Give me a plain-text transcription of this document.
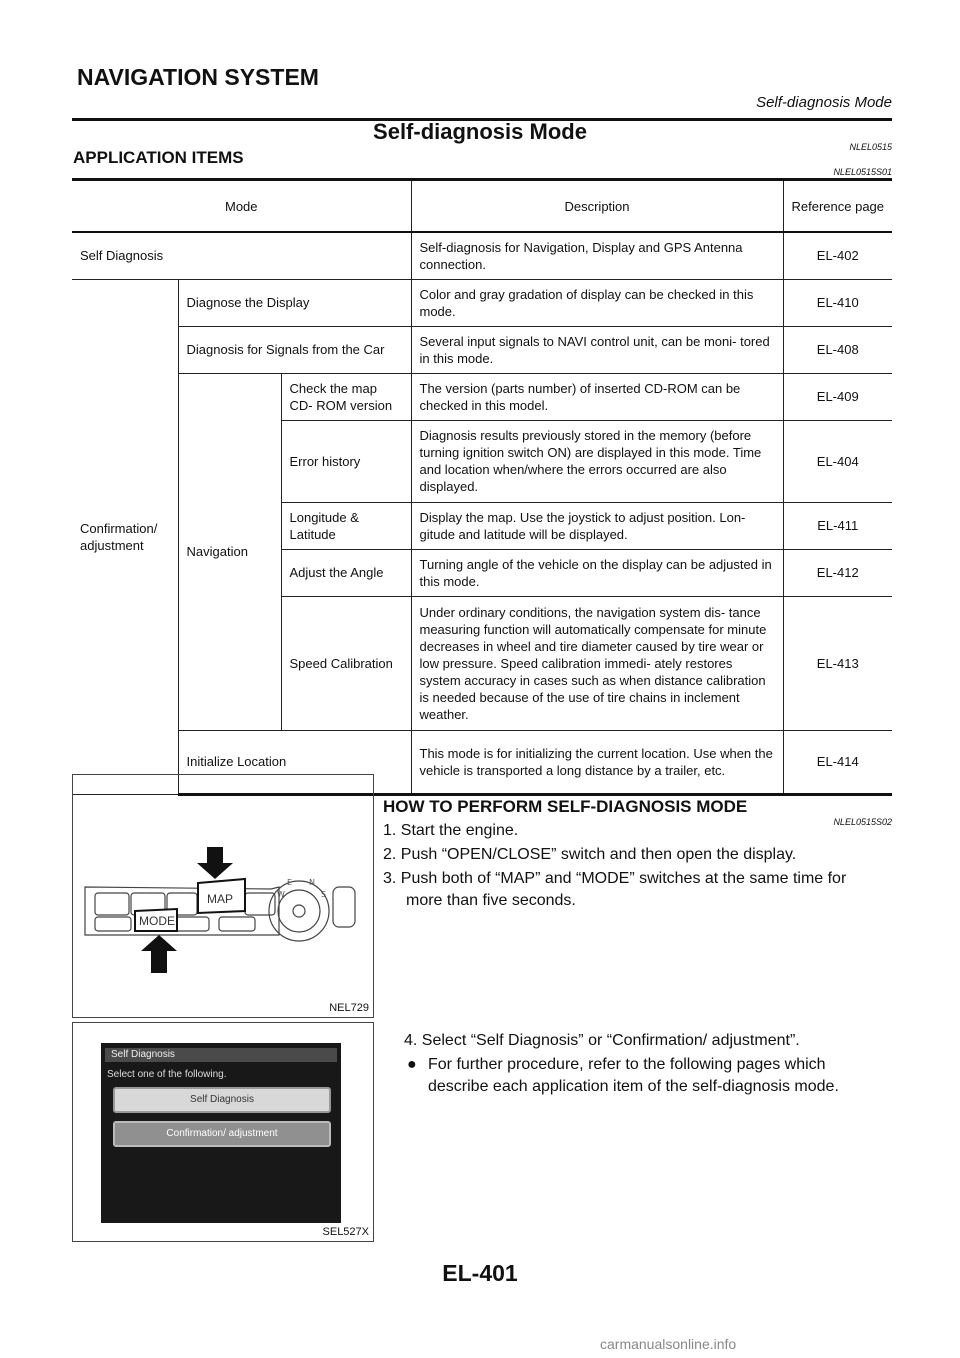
NAVIGATION SYSTEM
Self-diagnosis Mode
Self-diagnosis Mode
NLEL0515
APPLICATION ITEMS
NLEL0515S01
Mode			Description	Reference page
Self Diagnosis			Self-diagnosis for Navigation, Display and GPS Antenna connection.	EL-402
Confirmation/ adjustment	Diagnose the Display		Color and gray gradation of display can be checked in this mode.	EL-410
	Diagnosis for Signals from the Car		Several input signals to NAVI control unit, can be moni- tored in this mode.	EL-408
	Navigation	Check the map CD- ROM version	The version (parts number) of inserted CD-ROM can be checked in this model.	EL-409
		Error history	Diagnosis results previously stored in the memory (before turning ignition switch ON) are displayed in this mode. Time and location when/where the errors occurred are also displayed.	EL-404
		Longitude & Latitude	Display the map. Use the joystick to adjust position. Lon- gitude and latitude will be displayed.	EL-411
		Adjust the Angle	Turning angle of the vehicle on the display can be adjusted in this mode.	EL-412
		Speed Calibration	Under ordinary conditions, the navigation system dis- tance measuring function will automatically compensate for minute decreases in wheel and tire diameter caused by tire wear or low pressure. Speed calibration immedi- ately restores system accuracy in cases such as when distance calibration is needed because of the use of tire chains in inclement weather.	EL-413
	Initialize Location		This mode is for initializing the current location. Use when the vehicle is transported a long distance by a trailer, etc.	EL-414
E N
W	S
MAP
MODE
NEL729
HOW TO PERFORM SELF-DIAGNOSIS MODE
NLEL0515S02
1. Start the engine.
2. Push “OPEN/CLOSE” switch and then open the display.
3. Push both of “MAP” and “MODE” switches at the same time for
more than five seconds.
Self Diagnosis
Select one of the following.
Self Diagnosis
Confirmation/ adjustment
SEL527X
4. Select “Self Diagnosis” or “Confirmation/ adjustment”.
● For further procedure, refer to the following pages which
describe each application item of the self-diagnosis mode.
EL-401
carmanualsonline.info
